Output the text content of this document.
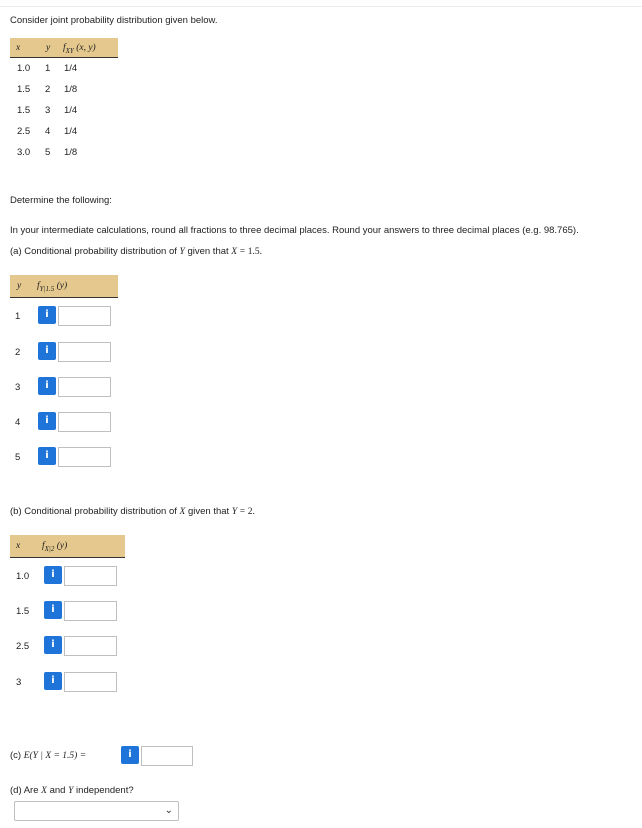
Consider joint probability distribution given below.
x	y $f_{XY}$ (x, y)
1.0 1 1/4
1.5 2 1/8
1.5 3 1/4
2.5 4 1/4
3.0 5 1/8
Determine the following:
In your intermediate calculations, round all fractions to three decimal places. Round your answers to three decimal places (e.g. 98.765).
(a) Conditional probability distribution of Y given that X = 1.5.
y $f_{Y|1.5}$ (y)
1	i
2	i
3	i
4	i
5	i
(b) Conditional probability distribution of X given that Y = 2.
x $f_{X|2}$ (y)
1.0	i
1.5	i
2.5	i
3	i
(c) E(Y | X = 1.5) =	i
(d) Are X and Y independent?
⌄
